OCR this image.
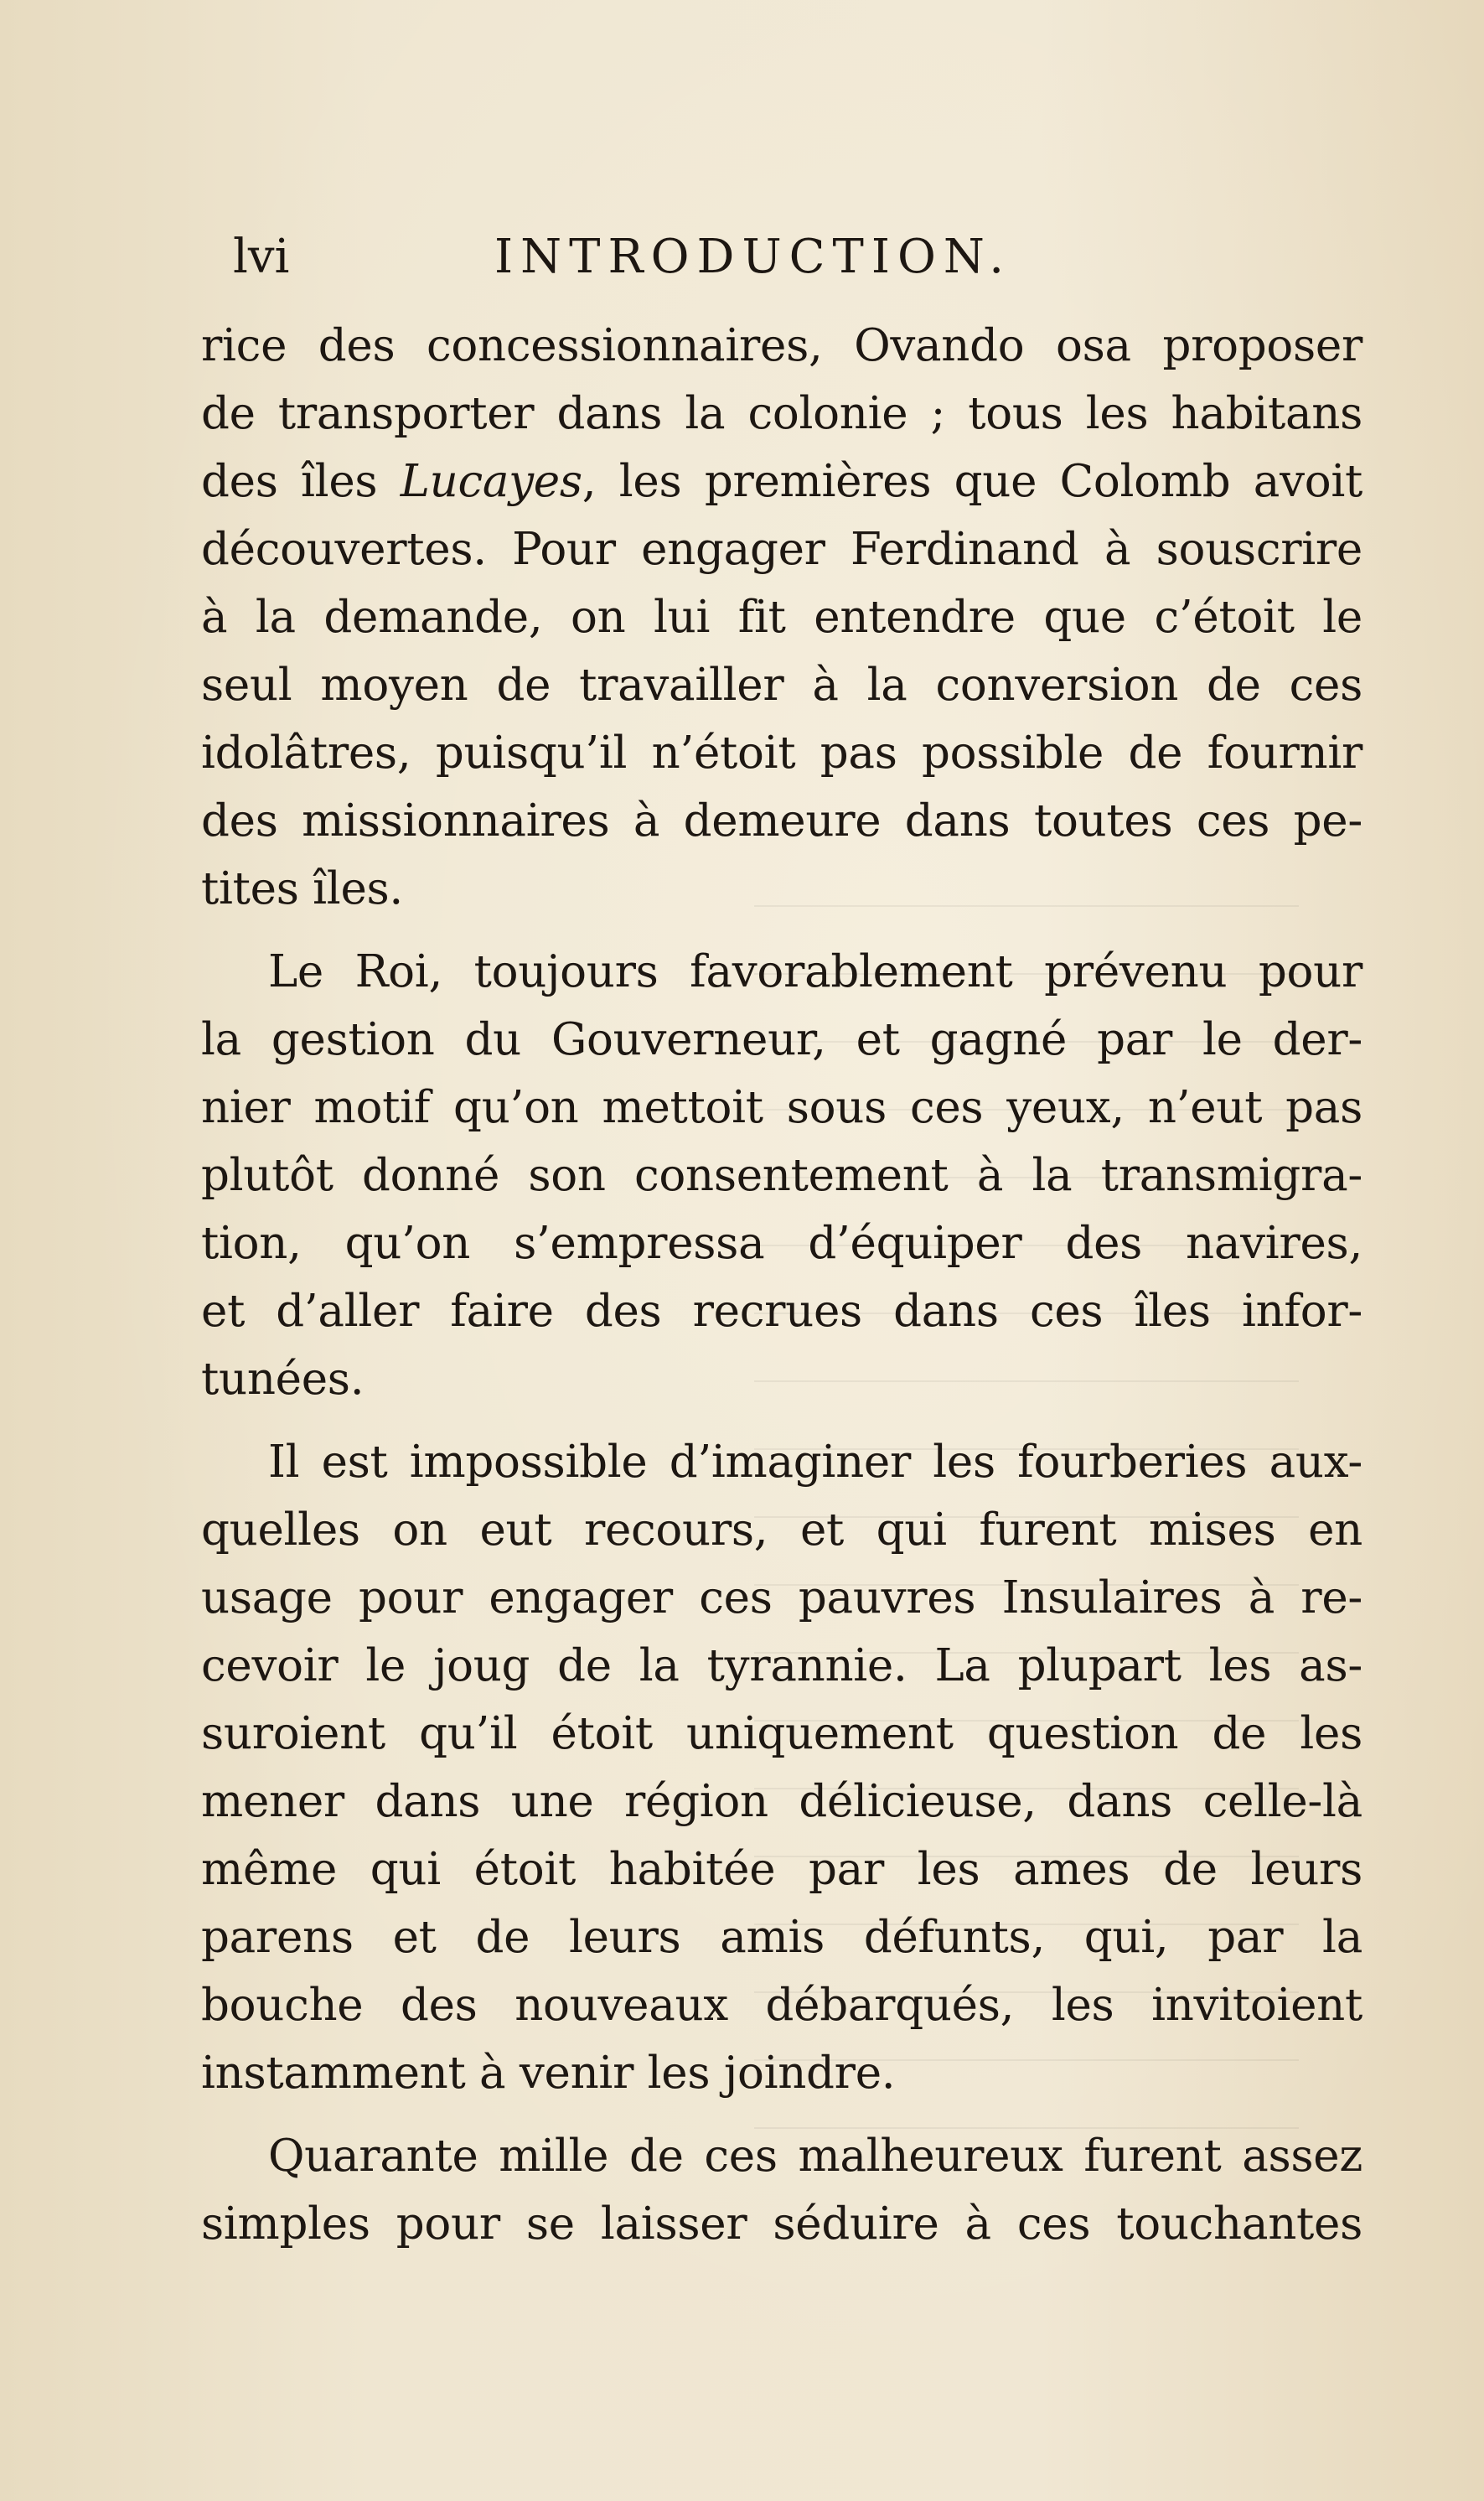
lvi	INTRODUCTION.
rice des concessionnaires, Ovando osa proposer
de transporter dans la colonie ; tous les habitans
des îles Lucayes, les premières que Colomb avoit
découvertes. Pour engager Ferdinand à souscrire
à la demande, on lui fit entendre que c’étoit le
seul moyen de travailler à la conversion de ces
idolâtres, puisqu’il n’étoit pas possible de fournir
des missionnaires à demeure dans toutes ces pe-
tites îles.
Le Roi, toujours favorablement prévenu pour
la gestion du Gouverneur, et gagné par le der-
nier motif qu’on mettoit sous ces yeux, n’eut pas
plutôt donné son consentement à la transmigra-
tion, qu’on s’empressa d’équiper des navires,
et d’aller faire des recrues dans ces îles infor-
tunées.
Il est impossible d’imaginer les fourberies aux-
quelles on eut recours, et qui furent mises en
usage pour engager ces pauvres Insulaires à re-
cevoir le joug de la tyrannie. La plupart les as-
suroient qu’il étoit uniquement question de les
mener dans une région délicieuse, dans celle-là
même qui étoit habitée par les ames de leurs
parens et de leurs amis défunts, qui, par la
bouche des nouveaux débarqués, les invitoient
instamment à venir les joindre.
Quarante mille de ces malheureux furent assez
simples pour se laisser séduire à ces touchantes
